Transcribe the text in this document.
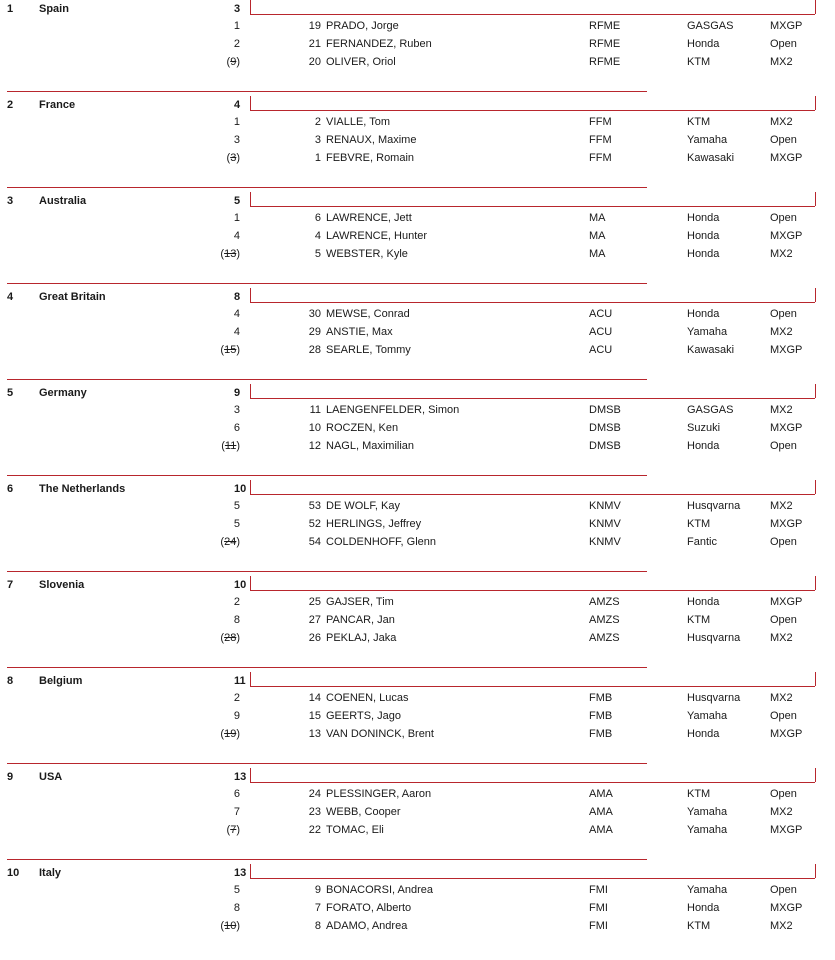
1 Spain	3
1	19 PRADO, Jorge	RFME	GASGAS	MXGP
2	21 FERNANDEZ, Ruben	RFME	Honda	Open
(9)	20 OLIVER, Oriol	RFME	KTM	MX2
2 France	4
1	2 VIALLE, Tom	FFM	KTM	MX2
3	3 RENAUX, Maxime	FFM	Yamaha	Open
(3)	1 FEBVRE, Romain	FFM	Kawasaki	MXGP
3 Australia	5
1	6 LAWRENCE, Jett	MA	Honda	Open
4	4 LAWRENCE, Hunter	MA	Honda	MXGP
(13)	5 WEBSTER, Kyle	MA	Honda	MX2
4 Great Britain	8
4	30 MEWSE, Conrad	ACU	Honda	Open
4	29 ANSTIE, Max	ACU	Yamaha	MX2
(15)	28 SEARLE, Tommy	ACU	Kawasaki	MXGP
5 Germany	9
3	11 LAENGENFELDER, Simon	DMSB	GASGAS	MX2
6	10 ROCZEN, Ken	DMSB	Suzuki	MXGP
(11)	12 NAGL, Maximilian	DMSB	Honda	Open
6 The Netherlands	10
5	53 DE WOLF, Kay	KNMV	Husqvarna	MX2
5	52 HERLINGS, Jeffrey	KNMV	KTM	MXGP
(24)	54 COLDENHOFF, Glenn	KNMV	Fantic	Open
7 Slovenia	10
2	25 GAJSER, Tim	AMZS	Honda	MXGP
8	27 PANCAR, Jan	AMZS	KTM	Open
(28)	26 PEKLAJ, Jaka	AMZS	Husqvarna	MX2
8 Belgium	11
2	14 COENEN, Lucas	FMB	Husqvarna	MX2
9	15 GEERTS, Jago	FMB	Yamaha	Open
(19)	13 VAN DONINCK, Brent	FMB	Honda	MXGP
9 USA	13
6	24 PLESSINGER, Aaron	AMA	KTM	Open
7	23 WEBB, Cooper	AMA	Yamaha	MX2
(7)	22 TOMAC, Eli	AMA	Yamaha	MXGP
10 Italy	13
5	9 BONACORSI, Andrea	FMI	Yamaha	Open
8	7 FORATO, Alberto	FMI	Honda	MXGP
(10)	8 ADAMO, Andrea	FMI	KTM	MX2
